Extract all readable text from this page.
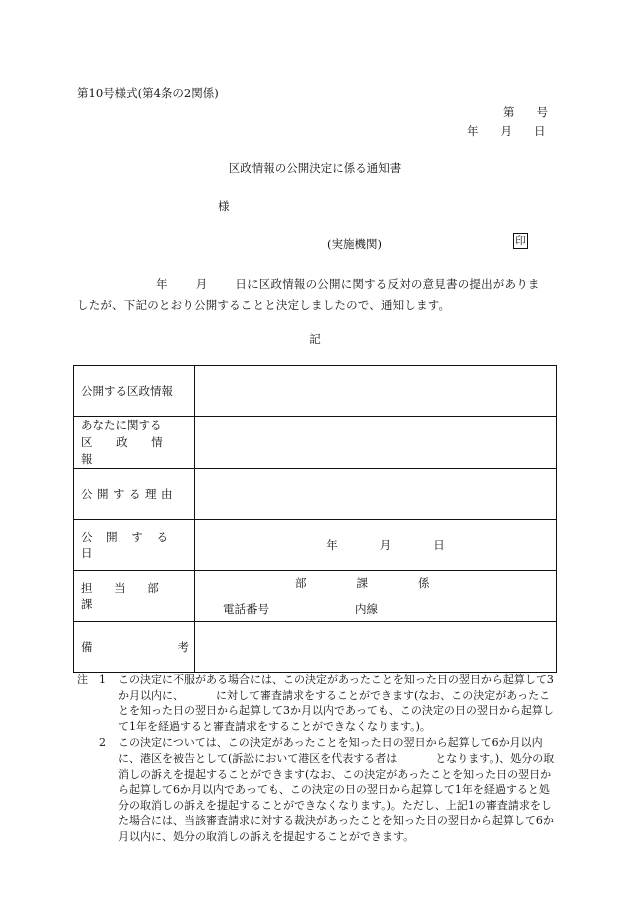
第10号様式(第4条の2関係)
第 号
年 月 日
区政情報の公開決定に係る通知書
様
(実施機関)	印
年 月 日に区政情報の公開に関する反対の意見書の提出がありましたが、下記のとおり公開することと決定しましたので、通知します。
記
公開する区政情報	

あなたに関する
区 政 情 報	

公開する理由	
公 開 す る 日	年 月 日

担 当 部 課	部 課 係
電話番号 内線

備 考	

注	1	この決定に不服がある場合には、この決定があったことを知った日の翌日から起算して3か月以内に、	に対して審査請求をすることができます(なお、この決定があったことを知った日の翌日から起算して3か月以内であっても、この決定の日の翌日から起算して1年を経過すると審査請求をすることができなくなります。)。
2	この決定については、この決定があったことを知った日の翌日から起算して6か月以内に、港区を被告として(訴訟において港区を代表する者は	となります。)、処分の取消しの訴えを提起することができます(なお、この決定があったことを知った日の翌日から起算して6か月以内であっても、この決定の日の翌日から起算して1年を経過すると処分の取消しの訴えを提起することができなくなります。)。ただし、上記1の審査請求をした場合には、当該審査請求に対する裁決があったことを知った日の翌日から起算して6か月以内に、処分の取消しの訴えを提起することができます。
